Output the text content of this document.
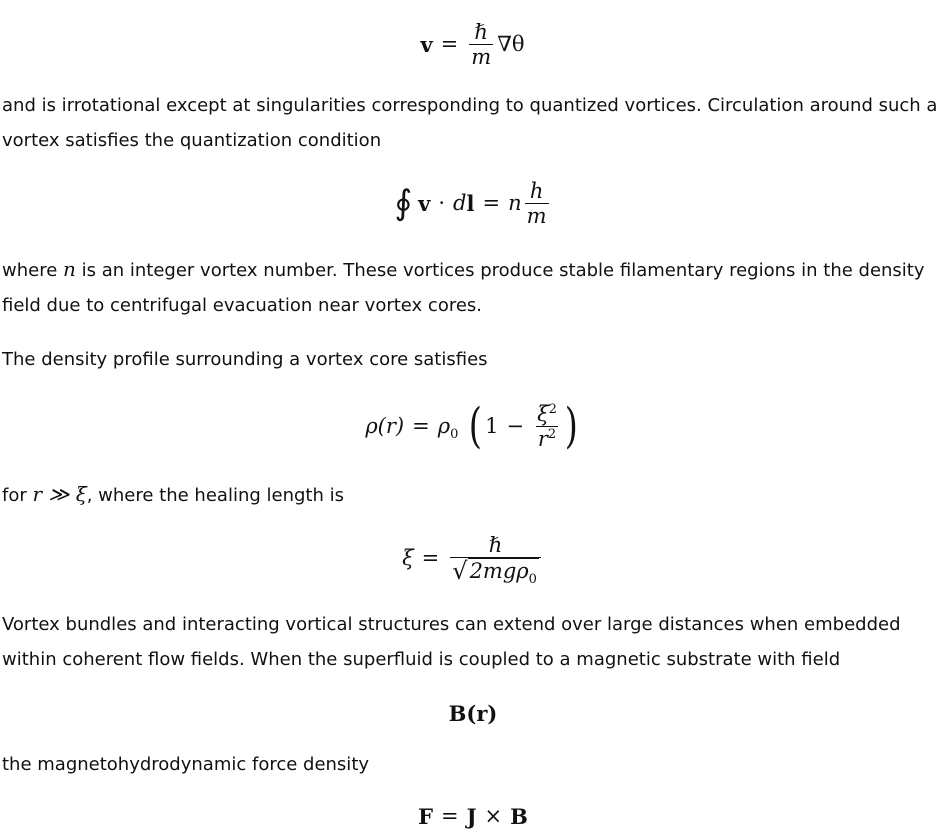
$v = \frac{\text{ℏ}}{m} \nabla\theta$

and is irrotational except at singularities corresponding to quantized vortices. Circulation around such a vortex satisfies the quantization condition

∮ v · d l = n $\frac{h}{m}$

where n is an integer vortex number. These vortices produce stable filamentary regions in the density field due to centrifugal evacuation near vortex cores.

The density profile surrounding a vortex core satisfies

$\rho(r) = \rho_0$ ( $1 - \frac{\xi^2}{r^2}$ )

for r ≫ ξ, where the healing length is

$\xi = \frac{\text{ℏ}}{√ 2mg\rho_0}$

Vortex bundles and interacting vortical structures can extend over large distances when embedded within coherent flow fields. When the superfluid is coupled to a magnetic substrate with field

B (r)

the magnetohydrodynamic force density

F = J × B
